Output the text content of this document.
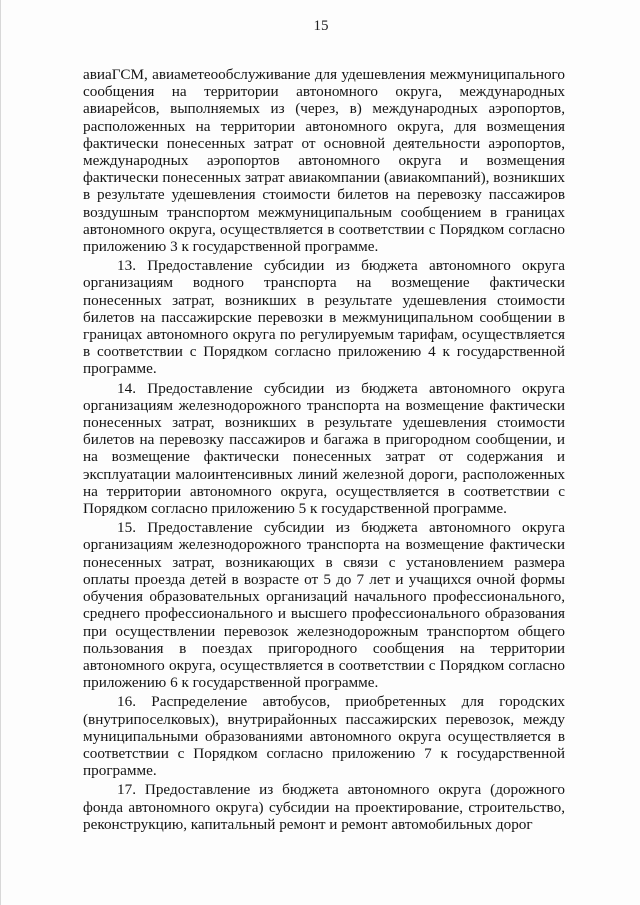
15

авиаГСМ, авиаметеообслуживание для удешевления межмуниципального сообщения на территории автономного округа, международных авиарейсов, выполняемых из (через, в) международных аэропортов, расположенных на территории автономного округа, для возмещения фактически понесенных затрат от основной деятельности аэропортов, международных аэропортов автономного округа и возмещения фактически понесенных затрат авиакомпании (авиакомпаний), возникших в результате удешевления стоимости билетов на перевозку пассажиров воздушным транспортом межмуниципальным сообщением в границах автономного округа, осуществляется в соответствии с Порядком согласно приложению 3 к государственной программе.

13. Предоставление субсидии из бюджета автономного округа организациям водного транспорта на возмещение фактически понесенных затрат, возникших в результате удешевления стоимости билетов на пассажирские перевозки в межмуниципальном сообщении в границах автономного округа по регулируемым тарифам, осуществляется в соответствии с Порядком согласно приложению 4 к государственной программе.

14. Предоставление субсидии из бюджета автономного округа организациям железнодорожного транспорта на возмещение фактически понесенных затрат, возникших в результате удешевления стоимости билетов на перевозку пассажиров и багажа в пригородном сообщении, и на возмещение фактически понесенных затрат от содержания и эксплуатации малоинтенсивных линий железной дороги, расположенных на территории автономного округа, осуществляется в соответствии с Порядком согласно приложению 5 к государственной программе.

15. Предоставление субсидии из бюджета автономного округа организациям железнодорожного транспорта на возмещение фактически понесенных затрат, возникающих в связи с установлением размера оплаты проезда детей в возрасте от 5 до 7 лет и учащихся очной формы обучения образовательных организаций начального профессионального, среднего профессионального и высшего профессионального образования при осуществлении перевозок железнодорожным транспортом общего пользования в поездах пригородного сообщения на территории автономного округа, осуществляется в соответствии с Порядком согласно приложению 6 к государственной программе.

16. Распределение автобусов, приобретенных для городских (внутрипоселковых), внутрирайонных пассажирских перевозок, между муниципальными образованиями автономного округа осуществляется в соответствии с Порядком согласно приложению 7 к государственной программе.

17. Предоставление из бюджета автономного округа (дорожного фонда автономного округа) субсидии на проектирование, строительство, реконструкцию, капитальный ремонт и ремонт автомобильных дорог
